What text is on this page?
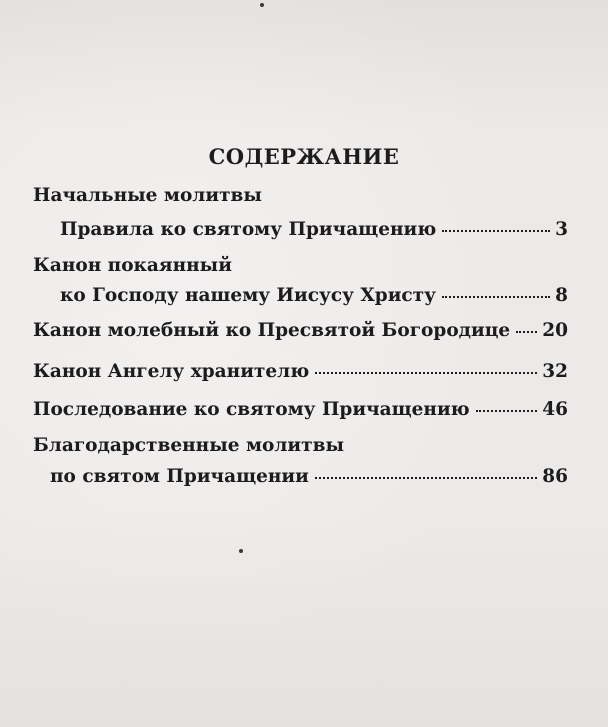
СОДЕРЖАНИЕ
Начальные молитвы
Правила ко святому Причащению	3
Канон покаянный
ко Господу нашему Иисусу Христу	8
Канон молебный ко Пресвятой Богородице 20
Канон Ангелу хранителю	32
Последование ко святому Причащению	46
Благодарственные молитвы
по святом Причащении	86
